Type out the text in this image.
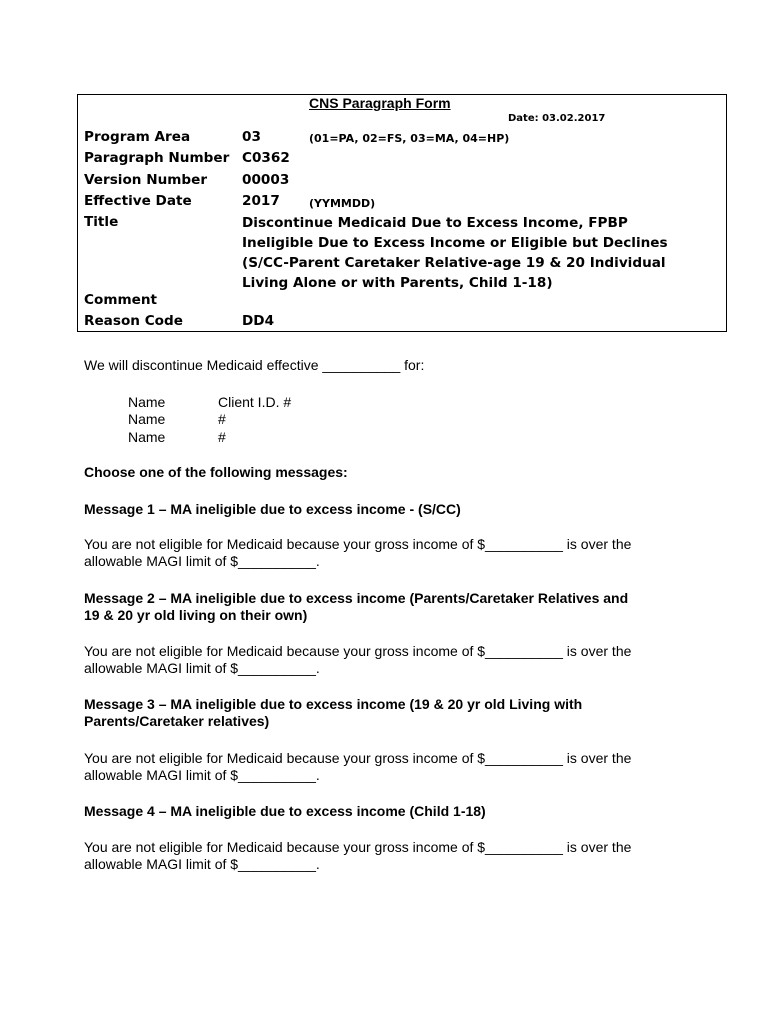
CNS Paragraph Form
Date: 03.02.2017
Program Area	03	(01=PA, 02=FS, 03=MA, 04=HP)
Paragraph Number C0362
Version Number	00003
Effective Date	2017	(YYMMDD)
Title	Discontinue Medicaid Due to Excess Income, FPBP
Ineligible Due to Excess Income or Eligible but Declines
(S/CC-Parent Caretaker Relative-age 19 & 20 Individual
Living Alone or with Parents, Child 1-18)
Comment
Reason Code	DD4
We will discontinue Medicaid effective __________ for:
Name	Client I.D. #
Name	#
Name	#
Choose one of the following messages:
Message 1 – MA ineligible due to excess income - (S/CC)
You are not eligible for Medicaid because your gross income of $__________ is over the
allowable MAGI limit of $__________.
Message 2 – MA ineligible due to excess income (Parents/Caretaker Relatives and
19 & 20 yr old living on their own)
You are not eligible for Medicaid because your gross income of $__________ is over the
allowable MAGI limit of $__________.
Message 3 – MA ineligible due to excess income (19 & 20 yr old Living with
Parents/Caretaker relatives)
You are not eligible for Medicaid because your gross income of $__________ is over the
allowable MAGI limit of $__________.
Message 4 – MA ineligible due to excess income (Child 1-18)
You are not eligible for Medicaid because your gross income of $__________ is over the
allowable MAGI limit of $__________.
